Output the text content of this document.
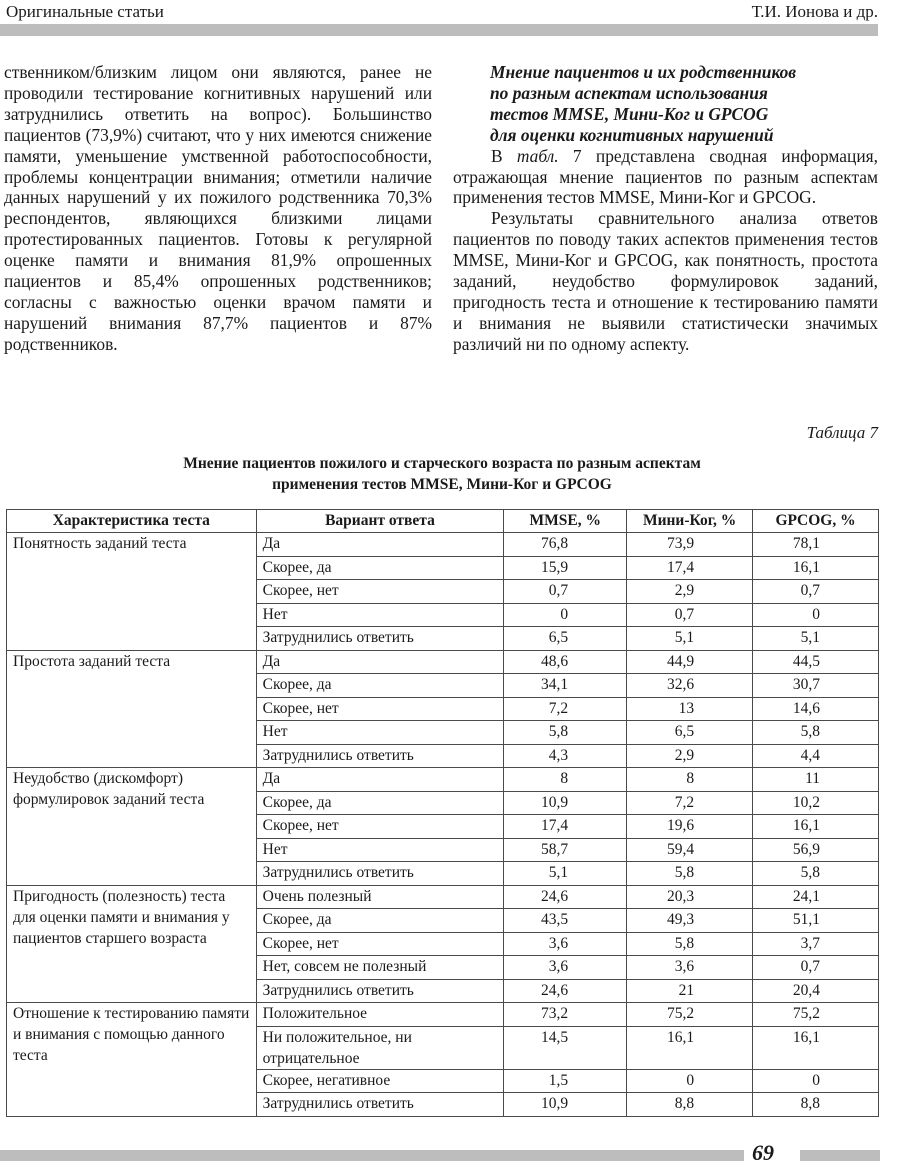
Оригинальные статьи	Т.И. Ионова и др.

ственником/близким лицом они являются, ранее не проводили тестирование когнитивных нарушений или затруднились ответить на вопрос). Большинство пациентов (73,9%) считают, что у них имеются снижение памяти, уменьшение умственной работоспособности, проблемы концентрации внимания; отметили наличие данных нарушений у их пожилого родственника 70,3% респондентов, являющихся близкими лицами протестированных пациентов. Готовы к регулярной оценке памяти и внимания 81,9% опрошенных пациентов и 85,4% опрошенных родственников; согласны с важностью оценки врачом памяти и нарушений внимания 87,7% пациентов и 87% родственников.

Мнение пациентов и их родственников
по разным аспектам использования
тестов MMSE, Мини-Ког и GPCOG
для оценки когнитивных нарушений

В табл. 7 представлена сводная информация, отражающая мнение пациентов по разным аспектам применения тестов MMSE, Мини-Ког и GPCOG.

Результаты сравнительного анализа ответов пациентов по поводу таких аспектов применения тестов MMSE, Мини-Ког и GPCOG, как понятность, простота заданий, неудобство формулировок заданий, пригодность теста и отношение к тестированию памяти и внимания не выявили статистически значимых различий ни по одному аспекту.

Таблица 7
Мнение пациентов пожилого и старческого возраста по разным аспектам
применения тестов MMSE, Мини-Ког и GPCOG
Характеристика теста	Вариант ответа	MMSE, %	Мини-Ког, %	GPCOG, %
Понятность заданий теста	Да	76,8	73,9	78,1
	Скорее, да	15,9	17,4	16,1
	Скорее, нет	0,7	2,9	0,7
	Нет	0	0,7	0
	Затруднились ответить	6,5	5,1	5,1
Простота заданий теста	Да	48,6	44,9	44,5
	Скорее, да	34,1	32,6	30,7
	Скорее, нет	7,2	13	14,6
	Нет	5,8	6,5	5,8
	Затруднились ответить	4,3	2,9	4,4
Неудобство (дискомфорт) формулировок заданий теста	Да	8	8	11
	Скорее, да	10,9	7,2	10,2
	Скорее, нет	17,4	19,6	16,1
	Нет	58,7	59,4	56,9
	Затруднились ответить	5,1	5,8	5,8
Пригодность (полезность) теста для оценки памяти и внимания у пациентов старшего возраста	Очень полезный	24,6	20,3	24,1
	Скорее, да	43,5	49,3	51,1
	Скорее, нет	3,6	5,8	3,7
	Нет, совсем не полезный	3,6	3,6	0,7
	Затруднились ответить	24,6	21	20,4
Отношение к тестированию памяти и внимания с помощью данного теста	Положительное	73,2	75,2	75,2
	Ни положительное, ни отрицательное	14,5	16,1	16,1
	Скорее, негативное	1,5	0	0
	Затруднились ответить	10,9	8,8	8,8
69
